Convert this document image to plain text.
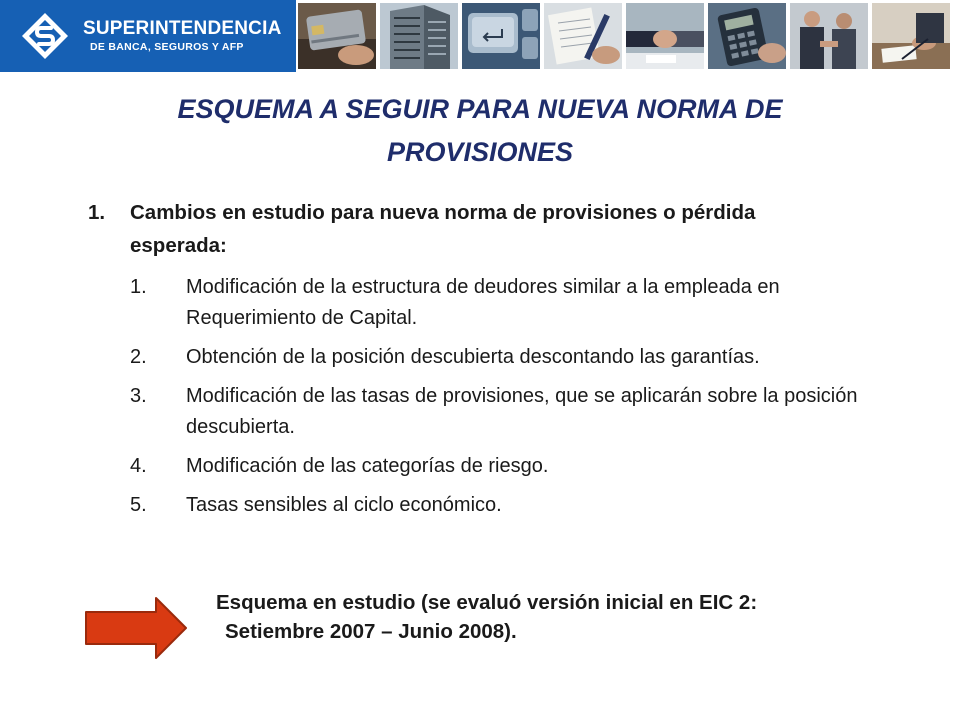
SUPERINTENDENCIA
DE BANCA, SEGUROS Y AFP
ESQUEMA A SEGUIR PARA NUEVA NORMA DE
PROVISIONES
1. Cambios en estudio para nueva norma de provisiones o pérdida esperada:
1. Modificación de la estructura de deudores similar a la empleada en Requerimiento de Capital.
2. Obtención de la posición descubierta descontando las garantías.
3. Modificación de las tasas de provisiones, que se aplicarán sobre la posición descubierta.
4. Modificación de las categorías de riesgo.
5. Tasas sensibles al ciclo económico.
Esquema en estudio (se evaluó versión inicial en EIC 2:
Setiembre 2007 – Junio 2008).
